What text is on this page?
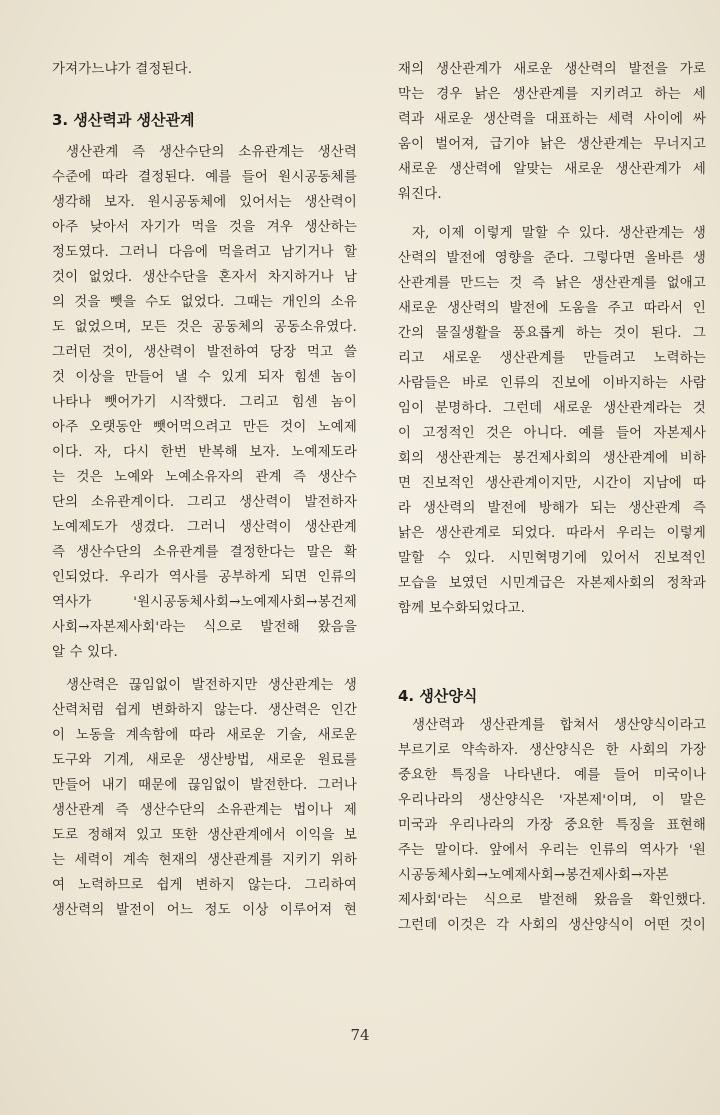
가져가느냐가 결정된다.
3. 생산력과 생산관계
생산관계 즉 생산수단의 소유관계는 생산력
수준에 따라 결정된다. 예를 들어 원시공동체를
생각해 보자. 원시공동체에 있어서는 생산력이
아주 낮아서 자기가 먹을 것을 겨우 생산하는
정도였다. 그러니 다음에 먹을려고 남기거나 할
것이 없었다. 생산수단을 혼자서 차지하거나 남
의 것을 뺏을 수도 없었다. 그때는 개인의 소유
도 없었으며, 모든 것은 공동체의 공동소유였다.
그러던 것이, 생산력이 발전하여 당장 먹고 쓸
것 이상을 만들어 낼 수 있게 되자 힘센 놈이
나타나 뺏어가기 시작했다. 그리고 힘센 놈이
아주 오랫동안 뺏어먹으려고 만든 것이 노예제
이다. 자, 다시 한번 반복해 보자. 노예제도라
는 것은 노예와 노예소유자의 관계 즉 생산수
단의 소유관계이다. 그리고 생산력이 발전하자
노예제도가 생겼다. 그러니 생산력이 생산관계
즉 생산수단의 소유관계를 결정한다는 말은 확
인되었다. 우리가 역사를 공부하게 되면 인류의
역사가 '원시공동체사회→노예제사회→봉건제
사회→자본제사회'라는 식으로 발전해 왔음을
알 수 있다.
생산력은 끊임없이 발전하지만 생산관계는 생
산력처럼 쉽게 변화하지 않는다. 생산력은 인간
이 노동을 계속함에 따라 새로운 기술, 새로운
도구와 기계, 새로운 생산방법, 새로운 원료를
만들어 내기 때문에 끊임없이 발전한다. 그러나
생산관계 즉 생산수단의 소유관계는 법이나 제
도로 정해져 있고 또한 생산관계에서 이익을 보
는 세력이 계속 현재의 생산관계를 지키기 위하
여 노력하므로 쉽게 변하지 않는다. 그리하여
생산력의 발전이 어느 정도 이상 이루어져 현
재의 생산관계가 새로운 생산력의 발전을 가로
막는 경우 낡은 생산관계를 지키려고 하는 세
력과 새로운 생산력을 대표하는 세력 사이에 싸
움이 벌어져, 급기야 낡은 생산관계는 무너지고
새로운 생산력에 알맞는 새로운 생산관계가 세
워진다.
자, 이제 이렇게 말할 수 있다. 생산관계는 생
산력의 발전에 영향을 준다. 그렇다면 올바른 생
산관계를 만드는 것 즉 낡은 생산관계를 없애고
새로운 생산력의 발전에 도움을 주고 따라서 인
간의 물질생활을 풍요롭게 하는 것이 된다. 그
리고 새로운 생산관계를 만들려고 노력하는
사람들은 바로 인류의 진보에 이바지하는 사람
임이 분명하다. 그런데 새로운 생산관계라는 것
이 고정적인 것은 아니다. 예를 들어 자본제사
회의 생산관계는 봉건제사회의 생산관계에 비하
면 진보적인 생산관계이지만, 시간이 지남에 따
라 생산력의 발전에 방해가 되는 생산관계 즉
낡은 생산관계로 되었다. 따라서 우리는 이렇게
말할 수 있다. 시민혁명기에 있어서 진보적인
모습을 보였던 시민계급은 자본제사회의 정착과
함께 보수화되었다고.
4. 생산양식
생산력과 생산관계를 합쳐서 생산양식이라고
부르기로 약속하자. 생산양식은 한 사회의 가장
중요한 특징을 나타낸다. 예를 들어 미국이나
우리나라의 생산양식은 '자본제'이며, 이 말은
미국과 우리나라의 가장 중요한 특징을 표현해
주는 말이다. 앞에서 우리는 인류의 역사가 '원
시공동체사회→노예제사회→봉건제사회→자본
제사회'라는 식으로 발전해 왔음을 확인했다.
그런데 이것은 각 사회의 생산양식이 어떤 것이
74
